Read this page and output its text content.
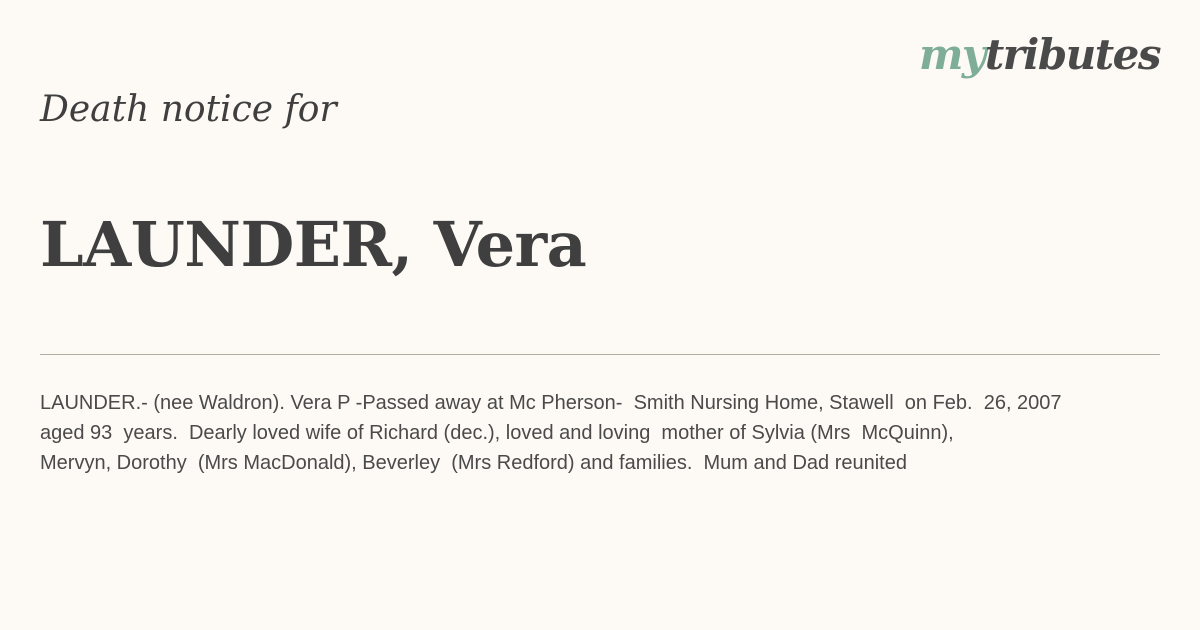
mytributes
Death notice for
LAUNDER, Vera
LAUNDER.- (nee Waldron). Vera P -Passed away at Mc Pherson-  Smith Nursing Home, Stawell  on Feb.  26, 2007
aged 93  years.  Dearly loved wife of Richard (dec.), loved and loving  mother of Sylvia (Mrs  McQuinn),
Mervyn, Dorothy  (Mrs MacDonald), Beverley  (Mrs Redford) and families.  Mum and Dad reunited
